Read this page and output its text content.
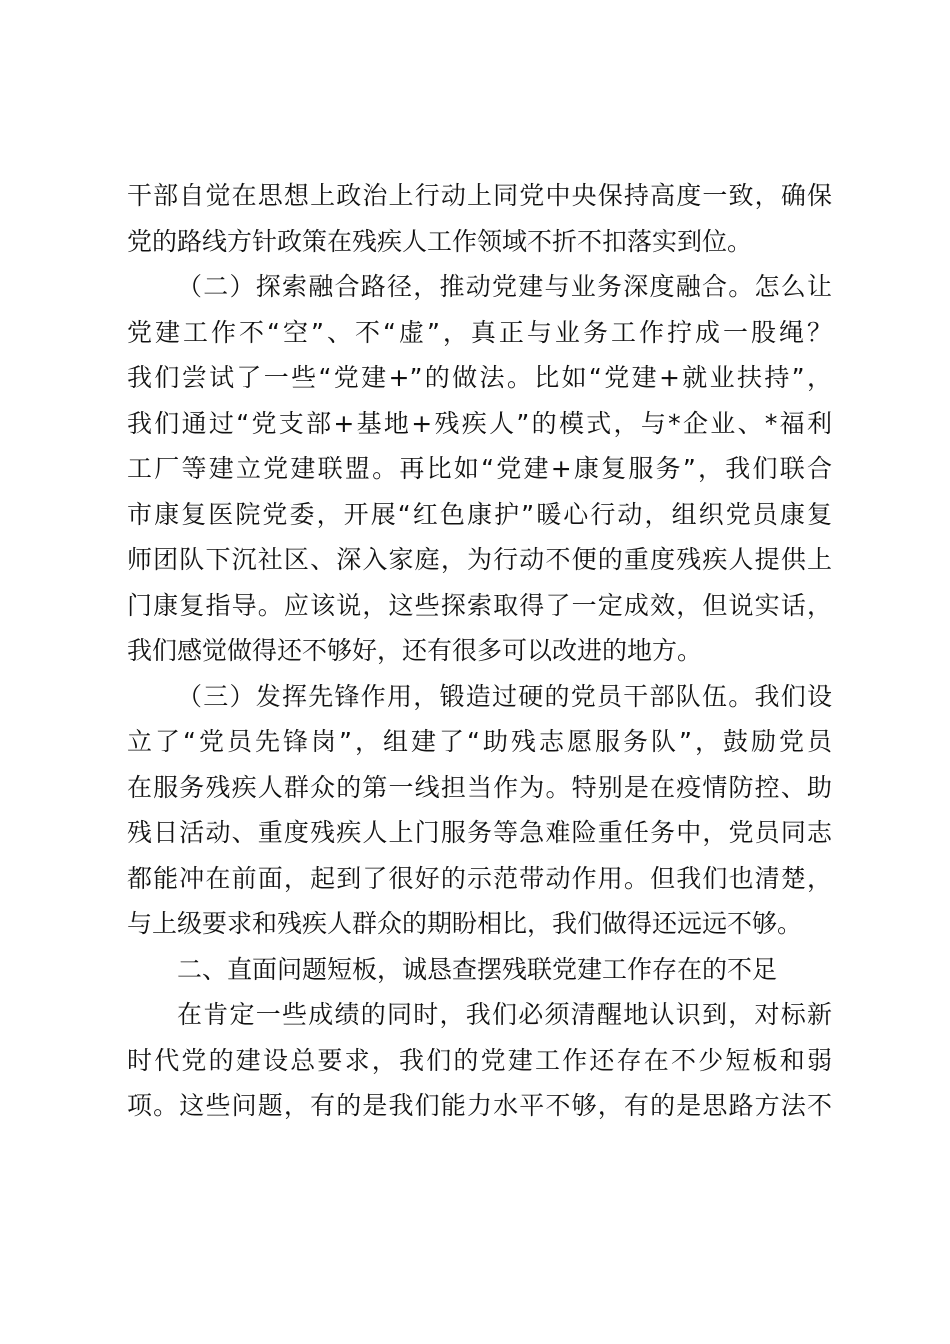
干部自觉在思想上政治上行动上同党中央保持高度一致，确保
党的路线方针政策在残疾人工作领域不折不扣落实到位。

（二）探索融合路径，推动党建与业务深度融合。怎么让
党建工作不“空”、不“虚”，真正与业务工作拧成一股绳？
我们尝试了一些“党建+”的做法。比如“党建+就业扶持”，
我们通过“党支部+基地+残疾人”的模式，与*企业、*福利
工厂等建立党建联盟。再比如“党建+康复服务”，我们联合
市康复医院党委，开展“红色康护”暖心行动，组织党员康复
师团队下沉社区、深入家庭，为行动不便的重度残疾人提供上
门康复指导。应该说，这些探索取得了一定成效，但说实话，
我们感觉做得还不够好，还有很多可以改进的地方。

（三）发挥先锋作用，锻造过硬的党员干部队伍。我们设
立了“党员先锋岗”，组建了“助残志愿服务队”，鼓励党员
在服务残疾人群众的第一线担当作为。特别是在疫情防控、助
残日活动、重度残疾人上门服务等急难险重任务中，党员同志
都能冲在前面，起到了很好的示范带动作用。但我们也清楚，
与上级要求和残疾人群众的期盼相比，我们做得还远远不够。

二、直面问题短板，诚恳查摆残联党建工作存在的不足

在肯定一些成绩的同时，我们必须清醒地认识到，对标新
时代党的建设总要求，我们的党建工作还存在不少短板和弱
项。这些问题，有的是我们能力水平不够，有的是思路方法不
